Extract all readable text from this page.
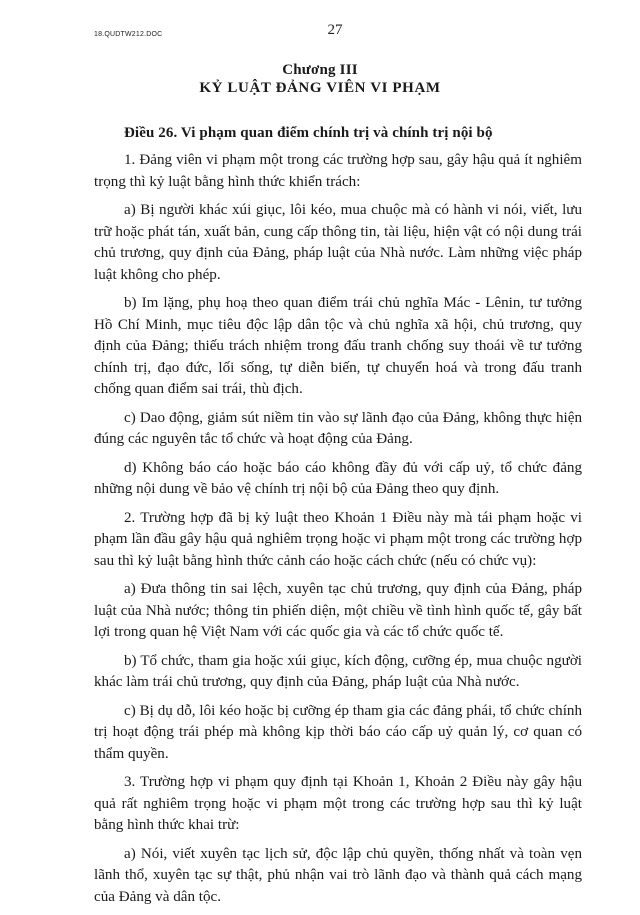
18.QUDTW212.DOC	27
Chương III
KỶ LUẬT ĐẢNG VIÊN VI PHẠM
Điều 26. Vi phạm quan điểm chính trị và chính trị nội bộ

1. Đảng viên vi phạm một trong các trường hợp sau, gây hậu quả ít nghiêm trọng thì kỷ luật bằng hình thức khiển trách:

a) Bị người khác xúi giục, lôi kéo, mua chuộc mà có hành vi nói, viết, lưu trữ hoặc phát tán, xuất bản, cung cấp thông tin, tài liệu, hiện vật có nội dung trái chủ trương, quy định của Đảng, pháp luật của Nhà nước. Làm những việc pháp luật không cho phép.

b) Im lặng, phụ hoạ theo quan điểm trái chủ nghĩa Mác - Lênin, tư tưởng Hồ Chí Minh, mục tiêu độc lập dân tộc và chủ nghĩa xã hội, chủ trương, quy định của Đảng; thiếu trách nhiệm trong đấu tranh chống suy thoái về tư tưởng chính trị, đạo đức, lối sống, tự diễn biến, tự chuyển hoá và trong đấu tranh chống quan điểm sai trái, thù địch.

c) Dao động, giảm sút niềm tin vào sự lãnh đạo của Đảng, không thực hiện đúng các nguyên tắc tổ chức và hoạt động của Đảng.

d) Không báo cáo hoặc báo cáo không đầy đủ với cấp uỷ, tổ chức đảng những nội dung về bảo vệ chính trị nội bộ của Đảng theo quy định.

2. Trường hợp đã bị kỷ luật theo Khoản 1 Điều này mà tái phạm hoặc vi phạm lần đầu gây hậu quả nghiêm trọng hoặc vi phạm một trong các trường hợp sau thì kỷ luật bằng hình thức cảnh cáo hoặc cách chức (nếu có chức vụ):

a) Đưa thông tin sai lệch, xuyên tạc chủ trương, quy định của Đảng, pháp luật của Nhà nước; thông tin phiến diện, một chiều về tình hình quốc tế, gây bất lợi trong quan hệ Việt Nam với các quốc gia và các tổ chức quốc tế.

b) Tổ chức, tham gia hoặc xúi giục, kích động, cưỡng ép, mua chuộc người khác làm trái chủ trương, quy định của Đảng, pháp luật của Nhà nước.

c) Bị dụ dỗ, lôi kéo hoặc bị cưỡng ép tham gia các đảng phái, tổ chức chính trị hoạt động trái phép mà không kịp thời báo cáo cấp uỷ quản lý, cơ quan có thẩm quyền.

3. Trường hợp vi phạm quy định tại Khoản 1, Khoản 2 Điều này gây hậu quả rất nghiêm trọng hoặc vi phạm một trong các trường hợp sau thì kỷ luật bằng hình thức khai trừ:

a) Nói, viết xuyên tạc lịch sử, độc lập chủ quyền, thống nhất và toàn vẹn lãnh thổ, xuyên tạc sự thật, phủ nhận vai trò lãnh đạo và thành quả cách mạng của Đảng và dân tộc.
